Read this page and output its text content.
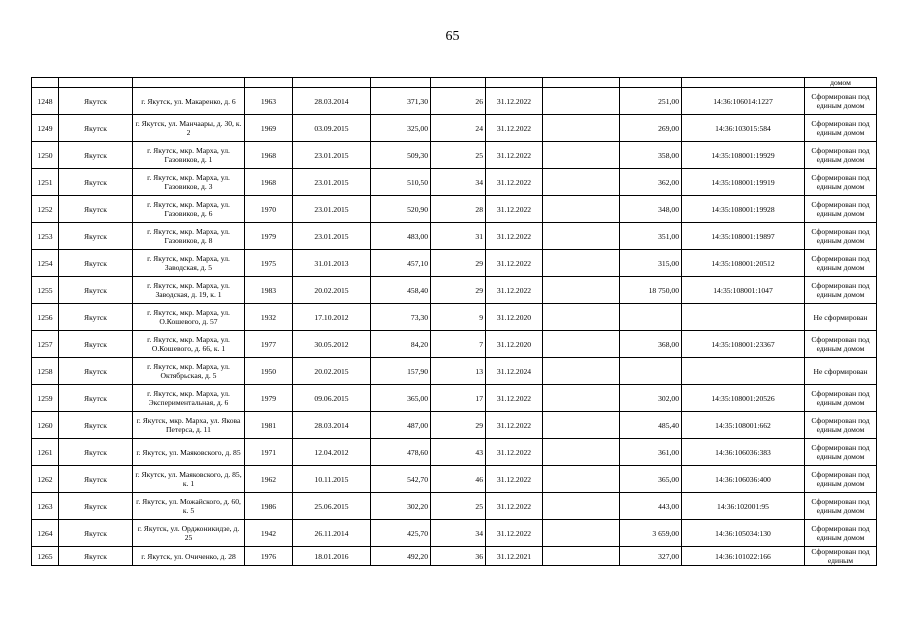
65
											домом
1248	Якутск	г. Якутск, ул. Макаренко, д. 6	1963	28.03.2014	371,30	26	31.12.2022		251,00	14:36:106014:1227	Сформирован под единым домом
1249	Якутск	г. Якутск, ул. Манчаары, д. 30, к. 2	1969	03.09.2015	325,00	24	31.12.2022		269,00	14:36:103015:584	Сформирован под единым домом
1250	Якутск	г. Якутск, мкр. Марха, ул. Газовиков, д. 1	1968	23.01.2015	509,30	25	31.12.2022		358,00	14:35:108001:19929	Сформирован под единым домом
1251	Якутск	г. Якутск, мкр. Марха, ул. Газовиков, д. 3	1968	23.01.2015	510,50	34	31.12.2022		362,00	14:35:108001:19919	Сформирован под единым домом
1252	Якутск	г. Якутск, мкр. Марха, ул. Газовиков, д. 6	1970	23.01.2015	520,90	28	31.12.2022		348,00	14:35:108001:19928	Сформирован под единым домом
1253	Якутск	г. Якутск, мкр. Марха, ул. Газовиков, д. 8	1979	23.01.2015	483,00	31	31.12.2022		351,00	14:35:108001:19897	Сформирован под единым домом
1254	Якутск	г. Якутск, мкр. Марха, ул. Заводская, д. 5	1975	31.01.2013	457,10	29	31.12.2022		315,00	14:35:108001:20512	Сформирован под единым домом
1255	Якутск	г. Якутск, мкр. Марха, ул. Заводская, д. 19, к. 1	1983	20.02.2015	458,40	29	31.12.2022		18 750,00	14:35:108001:1047	Сформирован под единым домом
1256	Якутск	г. Якутск, мкр. Марха, ул. О.Кошевого, д. 57	1932	17.10.2012	73,30	9	31.12.2020				Не сформирован
1257	Якутск	г. Якутск, мкр. Марха, ул. О.Кошевого, д. 66, к. 1	1977	30.05.2012	84,20	7	31.12.2020		368,00	14:35:108001:23367	Сформирован под единым домом
1258	Якутск	г. Якутск, мкр. Марха, ул. Октябрьская, д. 5	1950	20.02.2015	157,90	13	31.12.2024				Не сформирован
1259	Якутск	г. Якутск, мкр. Марха, ул. Экспериментальная, д. 6	1979	09.06.2015	365,00	17	31.12.2022		302,00	14:35:108001:20526	Сформирован под единым домом
1260	Якутск	г. Якутск, мкр. Марха, ул. Якова Петерса, д. 11	1981	28.03.2014	487,00	29	31.12.2022		485,40	14:35:108001:662	Сформирован под единым домом
1261	Якутск	г. Якутск, ул. Маяковского, д. 85	1971	12.04.2012	478,60	43	31.12.2022		361,00	14:36:106036:383	Сформирован под единым домом
1262	Якутск	г. Якутск, ул. Маяковского, д. 85, к. 1	1962	10.11.2015	542,70	46	31.12.2022		365,00	14:36:106036:400	Сформирован под единым домом
1263	Якутск	г. Якутск, ул. Можайского, д. 60, к. 5	1986	25.06.2015	302,20	25	31.12.2022		443,00	14:36:102001:95	Сформирован под единым домом
1264	Якутск	г. Якутск, ул. Орджоникидзе, д. 25	1942	26.11.2014	425,70	34	31.12.2022		3 659,00	14:36:105034:130	Сформирован под единым домом
1265	Якутск	г. Якутск, ул. Очиченко, д. 28	1976	18.01.2016	492,20	36	31.12.2021		327,00	14:36:101022:166	Сформирован под единым
